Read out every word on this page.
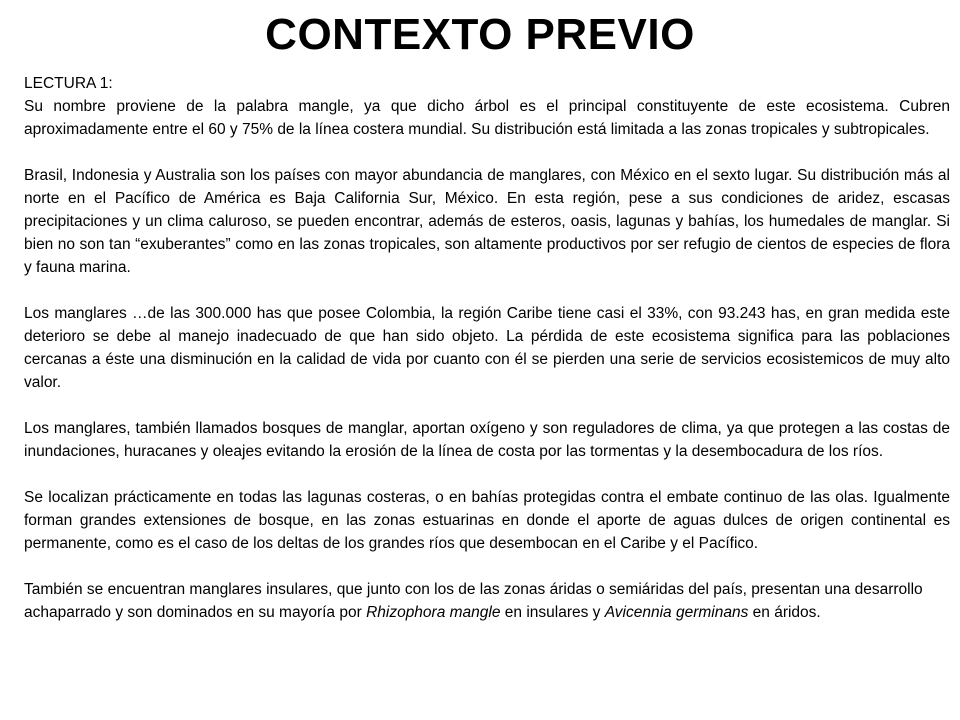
CONTEXTO PREVIO
LECTURA 1:

Su nombre proviene de la palabra mangle, ya que dicho árbol es el principal constituyente de este ecosistema. Cubren aproximadamente entre el 60 y 75% de la línea costera mundial. Su distribución está limitada a las zonas tropicales y subtropicales.

Brasil, Indonesia y Australia son los países con mayor abundancia de manglares, con México en el sexto lugar. Su distribución más al norte en el Pacífico de América es Baja California Sur, México. En esta región, pese a sus condiciones de aridez, escasas precipitaciones y un clima caluroso, se pueden encontrar, además de esteros, oasis, lagunas y bahías, los humedales de manglar. Si bien no son tan “exuberantes” como en las zonas tropicales, son altamente productivos por ser refugio de cientos de especies de flora y fauna marina.

Los manglares …de las 300.000 has que posee Colombia, la región Caribe tiene casi el 33%, con 93.243 has, en gran medida este deterioro se debe al manejo inadecuado de que han sido objeto. La pérdida de este ecosistema significa para las poblaciones cercanas a éste una disminución en la calidad de vida por cuanto con él se pierden una serie de servicios ecosistemicos de muy alto valor.

Los manglares, también llamados bosques de manglar, aportan oxígeno y son reguladores de clima, ya que protegen a las costas de inundaciones, huracanes y oleajes evitando la erosión de la línea de costa por las tormentas y la desembocadura de los ríos.

Se localizan prácticamente en todas las lagunas costeras, o en bahías protegidas contra el embate continuo de las olas. Igualmente forman grandes extensiones de bosque, en las zonas estuarinas en donde el aporte de aguas dulces de origen continental es permanente, como es el caso de los deltas de los grandes ríos que desembocan en el Caribe y el Pacífico.

También se encuentran manglares insulares, que junto con los de las zonas áridas o semiáridas del país, presentan una desarrollo achaparrado y son dominados en su mayoría por Rhizophora mangle en insulares y Avicennia germinans en áridos.
